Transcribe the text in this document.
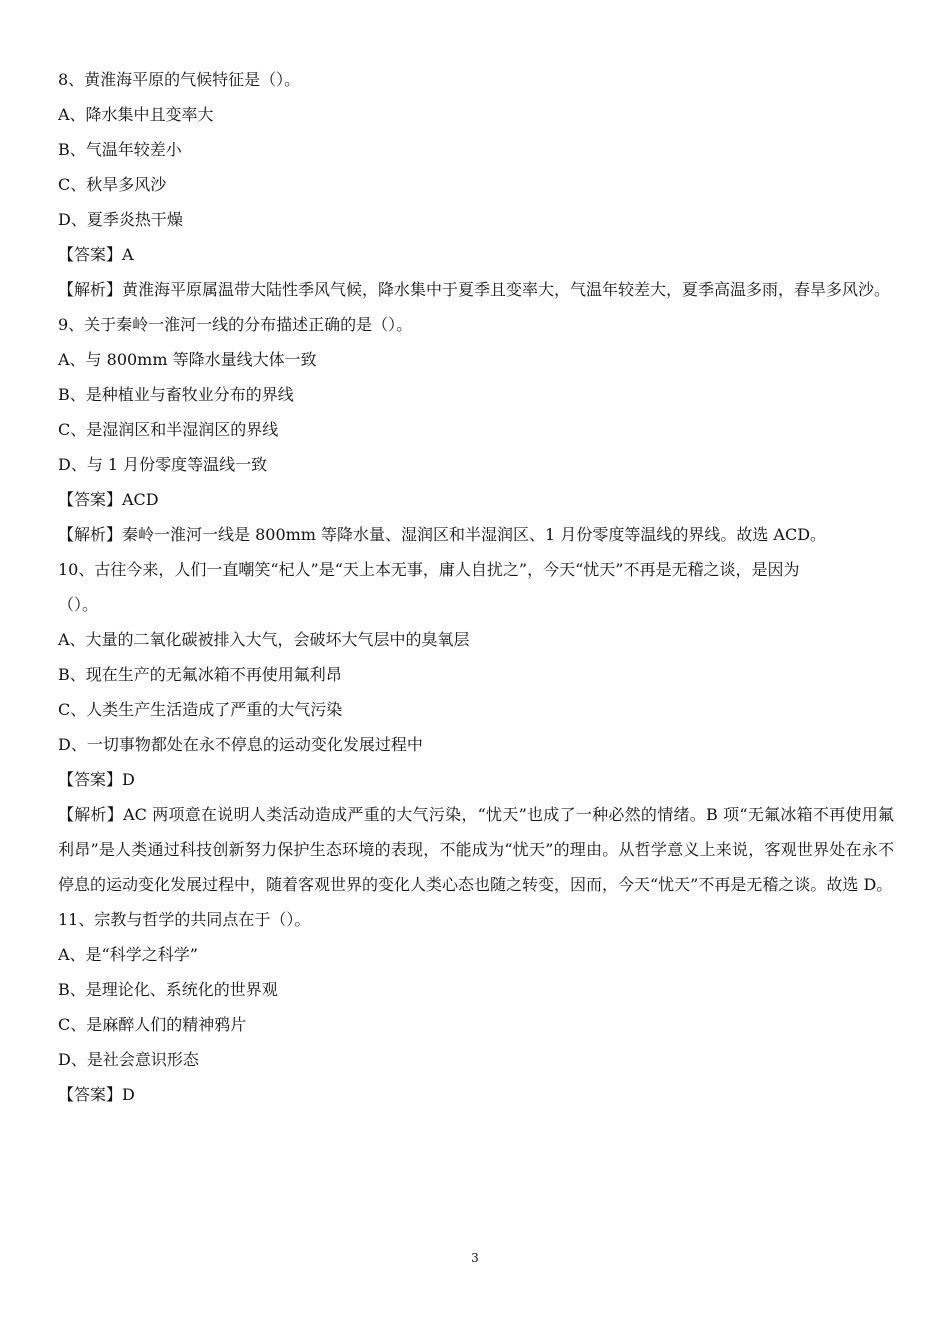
8、黄淮海平原的气候特征是（）。

A、降水集中且变率大

B、气温年较差小

C、秋旱多风沙

D、夏季炎热干燥

【答案】A

【解析】黄淮海平原属温带大陆性季风气候，降水集中于夏季且变率大，气温年较差大，夏季高温多雨，春旱多风沙。

9、关于秦岭一淮河一线的分布描述正确的是（）。

A、与 800mm 等降水量线大体一致

B、是种植业与畜牧业分布的界线

C、是湿润区和半湿润区的界线

D、与 1 月份零度等温线一致

【答案】ACD

【解析】秦岭一淮河一线是 800mm 等降水量、湿润区和半湿润区、1 月份零度等温线的界线。故选 ACD。

10、古往今来，人们一直嘲笑“杞人”是“天上本无事，庸人自扰之”，今天“忧天”不再是无稽之谈，是因为

（）。

A、大量的二氧化碳被排入大气，会破坏大气层中的臭氧层

B、现在生产的无氟冰箱不再使用氟利昂

C、人类生产生活造成了严重的大气污染

D、一切事物都处在永不停息的运动变化发展过程中

【答案】D

【解析】AC 两项意在说明人类活动造成严重的大气污染，“忧天”也成了一种必然的情绪。B 项“无氟冰箱不再使用氟利昂”是人类通过科技创新努力保护生态环境的表现，不能成为“忧天”的理由。从哲学意义上来说，客观世界处在永不停息的运动变化发展过程中，随着客观世界的变化人类心态也随之转变，因而，今天“忧天”不再是无稽之谈。故选 D。

11、宗教与哲学的共同点在于（）。

A、是“科学之科学”

B、是理论化、系统化的世界观

C、是麻醉人们的精神鸦片

D、是社会意识形态

【答案】D

3
